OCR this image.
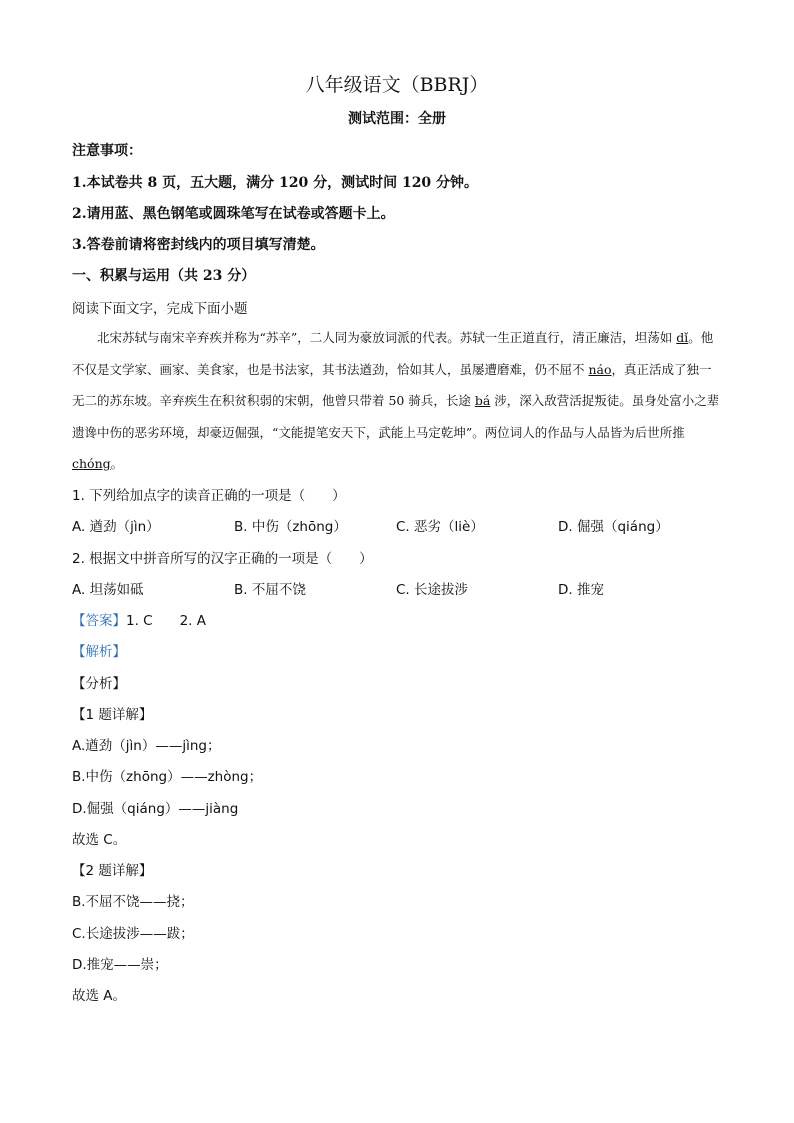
八年级语文（BBRJ）
测试范围：全册
注意事项：
1.本试卷共 8 页，五大题，满分 120 分，测试时间 120 分钟。
2.请用蓝、黑色钢笔或圆珠笔写在试卷或答题卡上。
3.答卷前请将密封线内的项目填写清楚。
一、积累与运用（共 23 分）
阅读下面文字，完成下面小题
北宋苏轼与南宋辛弃疾并称为“苏辛”，二人同为豪放词派的代表。苏轼一生正道直行，清正廉洁，坦荡如 dǐ。他不仅是文学家、画家、美食家，也是书法家，其书法遒劲，恰如其人，虽屡遭磨难，仍不屈不 náo，真正活成了独一无二的苏东坡。辛弃疾生在积贫积弱的宋朝，他曾只带着 50 骑兵，长途 bá 涉，深入敌营活捉叛徒。虽身处富小之辈遗谗中伤的恶劣环境，却豪迈倔强，“文能提笔安天下，武能上马定乾坤”。两位词人的作品与人品皆为后世所推 chóng。
1. 下列给加点字的读音正确的一项是（　　）
A. 遒劲（jìn）	B. 中伤（zhōng）	C. 恶劣（liè）	D. 倔强（qiáng）
2. 根据文中拼音所写的汉字正确的一项是（　　）
A. 坦荡如砥	B. 不屈不饶	C. 长途拔涉	D. 推宠
【答案】1. C　　2. A
【解析】
【分析】
【1 题详解】
A.遒劲（jìn）——jìng；
B.中伤（zhōng）——zhòng；
D.倔强（qiáng）——jiàng
故选 C。
【2 题详解】
B.不屈不饶——挠；
C.长途拔涉——跋；
D.推宠——崇；
故选 A。
